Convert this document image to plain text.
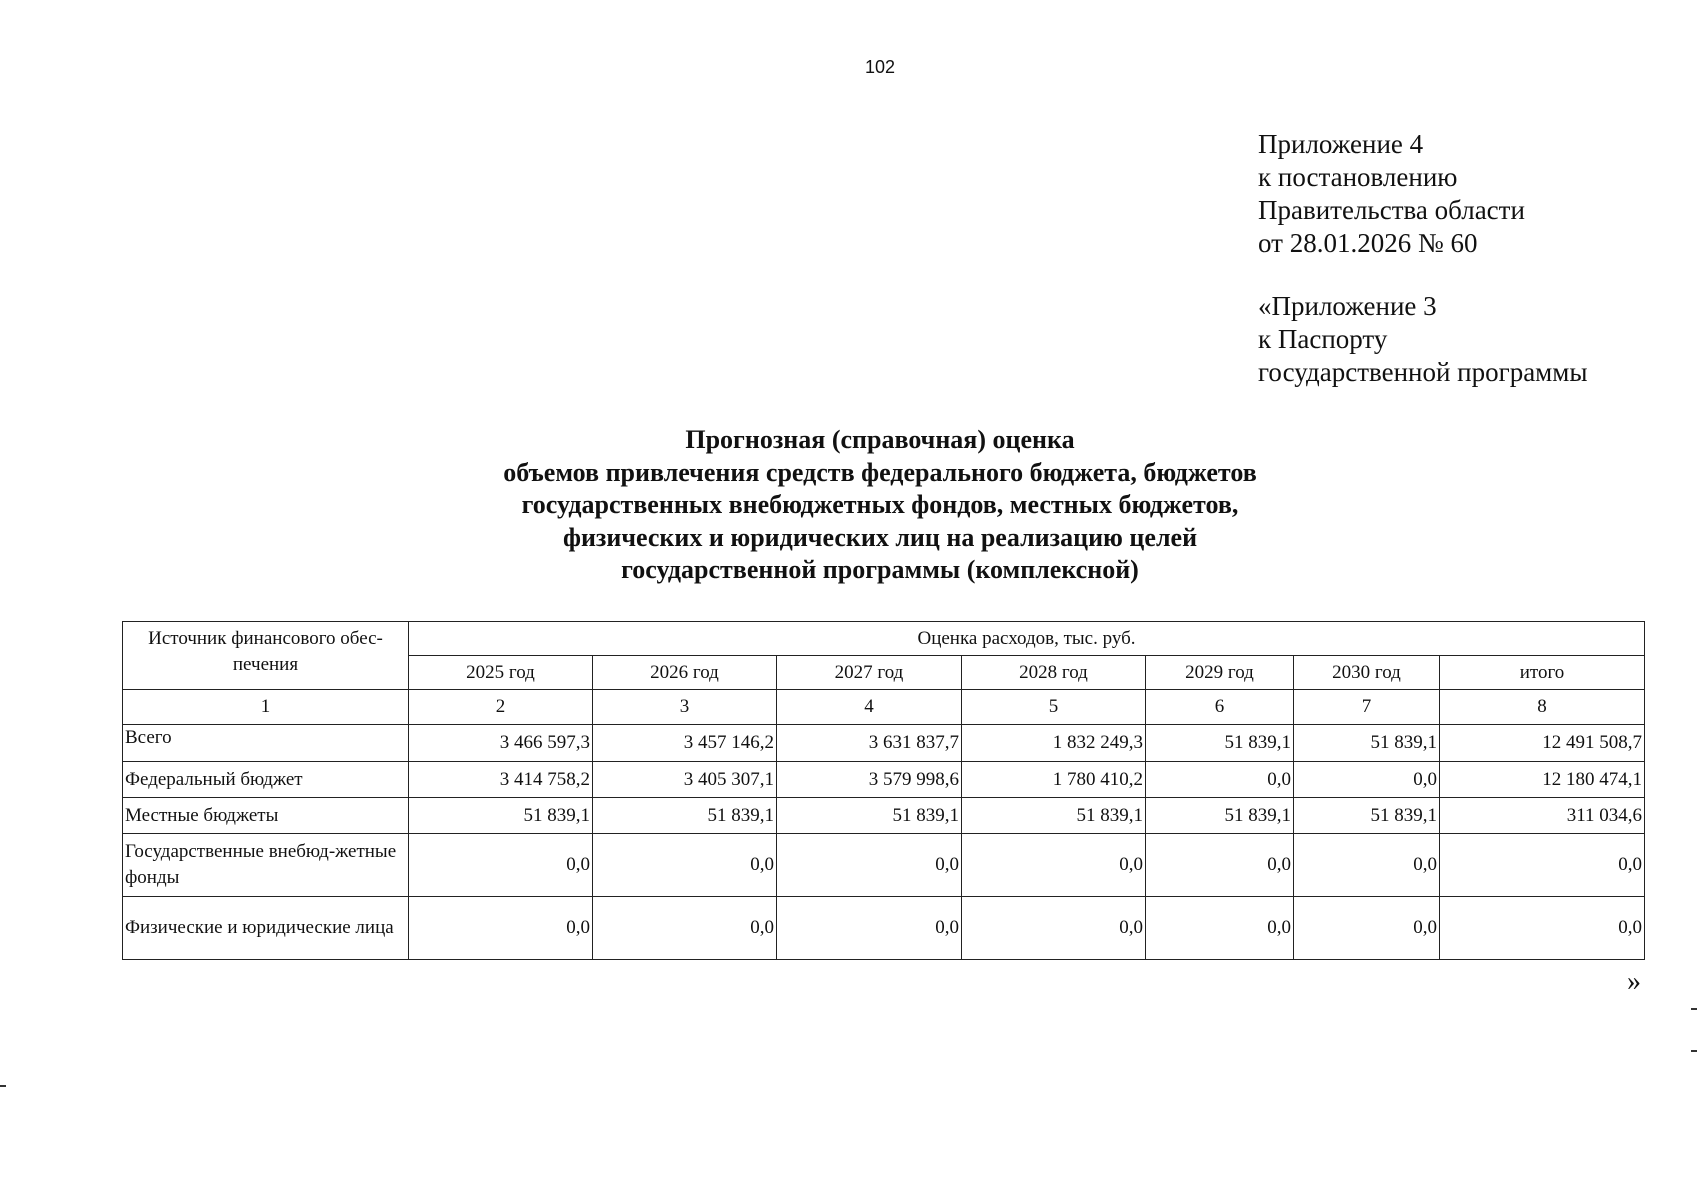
102
Приложение 4
к постановлению
Правительства области
от 28.01.2026 № 60
«Приложение 3
к Паспорту
государственной программы
Прогнозная (справочная) оценка
объемов привлечения средств федерального бюджета, бюджетов
государственных внебюджетных фондов, местных бюджетов,
физических и юридических лиц на реализацию целей
государственной программы (комплексной)
Источник финансового обес-печения	Оценка расходов, тыс. руб.						
	2025 год	2026 год	2027 год	2028 год	2029 год	2030 год	итого
1	2	3	4	5	6	7	8
Всего	3 466 597,3	3 457 146,2	3 631 837,7	1 832 249,3	51 839,1	51 839,1	12 491 508,7
Федеральный бюджет	3 414 758,2	3 405 307,1	3 579 998,6	1 780 410,2	0,0	0,0	12 180 474,1
Местные бюджеты	51 839,1	51 839,1	51 839,1	51 839,1	51 839,1	51 839,1	311 034,6
Государственные внебюд-жетные фонды	0,0	0,0	0,0	0,0	0,0	0,0	0,0
Физические и юридические лица	0,0	0,0	0,0	0,0	0,0	0,0	0,0
»
